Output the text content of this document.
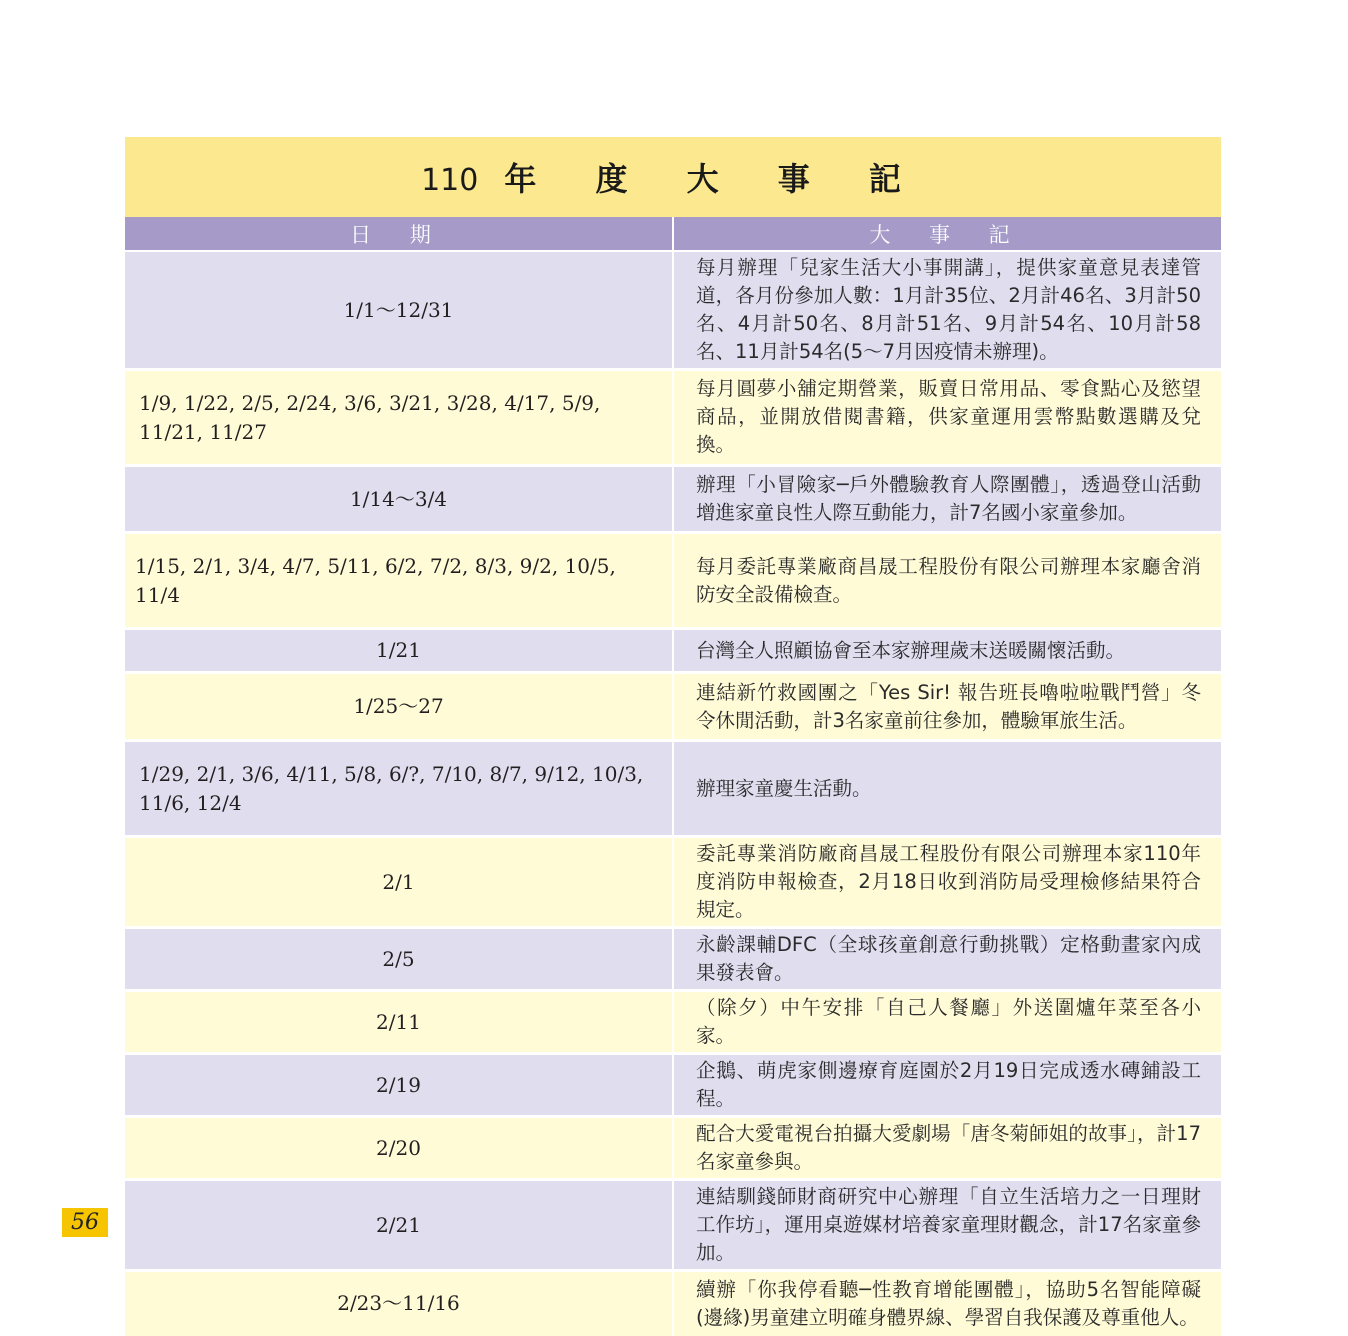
110 年 度 大 事 記	
日 期	大 事 記
1/1～12/31	每月辦理「兒家生活大小事開講」，提供家童意見表達管道，各月份參加人數：1月計35位、2月計46名、3月計50名、4月計50名、8月計51名、9月計54名、10月計58名、11月計54名(5～7月因疫情未辦理)。
1/9, 1/22, 2/5, 2/24, 3/6, 3/21, 3/28, 4/17, 5/9, 11/21, 11/27	每月圓夢小舖定期營業，販賣日常用品、零食點心及慾望商品，並開放借閱書籍，供家童運用雲幣點數選購及兌換。
1/14～3/4	辦理「小冒險家─戶外體驗教育人際團體」，透過登山活動增進家童良性人際互動能力，計7名國小家童參加。
1/15, 2/1, 3/4, 4/7, 5/11, 6/2, 7/2, 8/3, 9/2, 10/5, 11/4	每月委託專業廠商昌晟工程股份有限公司辦理本家廳舍消防安全設備檢查。
1/21	台灣全人照顧協會至本家辦理歲末送暖關懷活動。
1/25～27	連結新竹救國團之「Yes Sir! 報告班長嚕啦啦戰鬥營」冬令休閒活動，計3名家童前往參加，體驗軍旅生活。
1/29, 2/1, 3/6, 4/11, 5/8, 6/?, 7/10, 8/7, 9/12, 10/3, 11/6, 12/4	辦理家童慶生活動。
2/1	委託專業消防廠商昌晟工程股份有限公司辦理本家110年度消防申報檢查，2月18日收到消防局受理檢修結果符合規定。
2/5	永齡課輔DFC（全球孩童創意行動挑戰）定格動畫家內成果發表會。
2/11	（除夕）中午安排「自己人餐廳」外送圍爐年菜至各小家。
2/19	企鵝、萌虎家側邊療育庭園於2月19日完成透水磚鋪設工程。
2/20	配合大愛電視台拍攝大愛劇場「唐冬菊師姐的故事」，計17名家童參與。
2/21	連結馴錢師財商研究中心辦理「自立生活培力之一日理財工作坊」，運用桌遊媒材培養家童理財觀念，計17名家童參加。
2/23～11/16	續辦「你我停看聽─性教育增能團體」，協助5名智能障礙(邊緣)男童建立明確身體界線、學習自我保護及尊重他人。
56
